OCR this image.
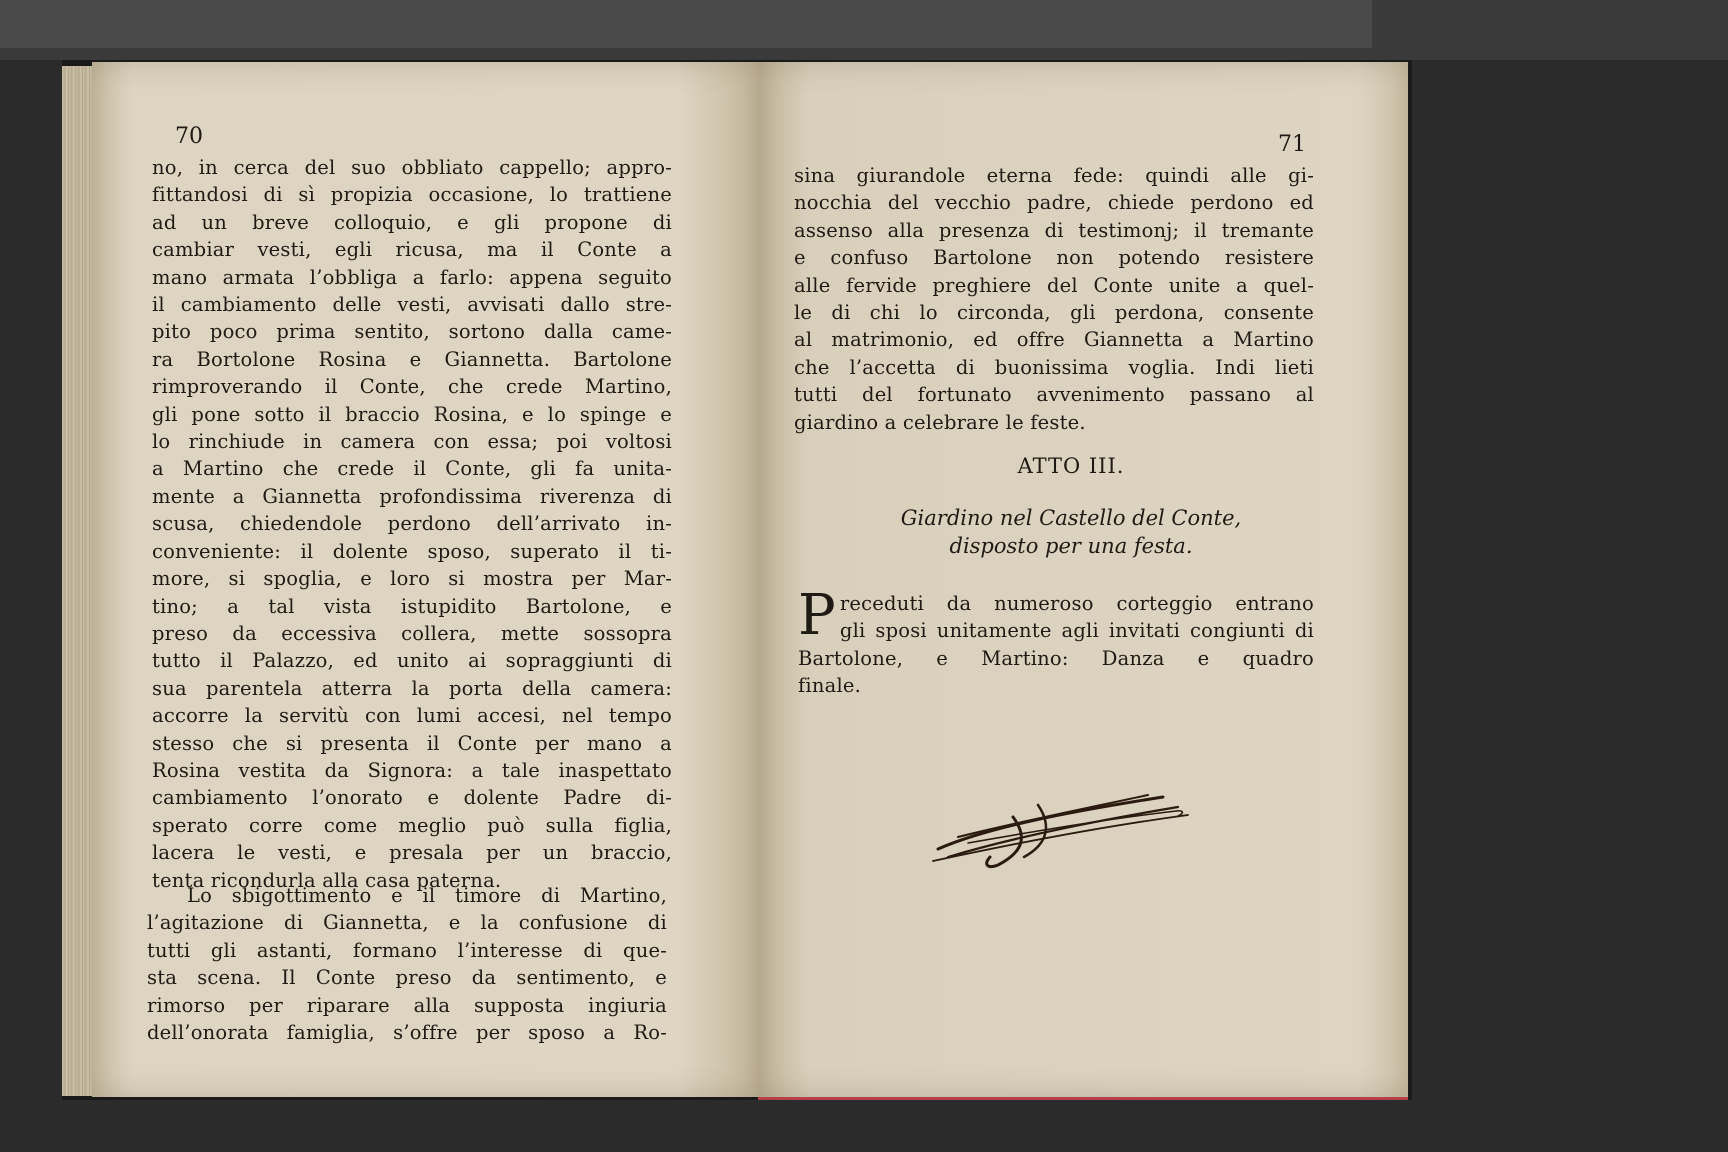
70
no, in cerca del suo obbliato cappello; appro-
fittandosi di sì propizia occasione, lo trattiene
ad un breve colloquio, e gli propone di
cambiar vesti, egli ricusa, ma il Conte a
mano armata l’obbliga a farlo: appena seguito
il cambiamento delle vesti, avvisati dallo stre-
pito poco prima sentito, sortono dalla came-
ra Bortolone Rosina e Giannetta. Bartolone
rimproverando il Conte, che crede Martino,
gli pone sotto il braccio Rosina, e lo spinge e
lo rinchiude in camera con essa; poi voltosi
a Martino che crede il Conte, gli fa unita-
mente a Giannetta profondissima riverenza di
scusa, chiedendole perdono dell’arrivato in-
conveniente: il dolente sposo, superato il ti-
more, si spoglia, e loro si mostra per Mar-
tino; a tal vista istupidito Bartolone, e
preso da eccessiva collera, mette sossopra
tutto il Palazzo, ed unito ai sopraggiunti di
sua parentela atterra la porta della camera:
accorre la servitù con lumi accesi, nel tempo
stesso che si presenta il Conte per mano a
Rosina vestita da Signora: a tale inaspettato
cambiamento l’onorato e dolente Padre di-
sperato corre come meglio può sulla figlia,
lacera le vesti, e presala per un braccio,
tenta ricondurla alla casa paterna.
Lo sbigottimento e il timore di Martino,
l’agitazione di Giannetta, e la confusione di
tutti gli astanti, formano l’interesse di que-
sta scena. Il Conte preso da sentimento, e
rimorso per riparare alla supposta ingiuria
dell’onorata famiglia, s’offre per sposo a Ro-
71
sina giurandole eterna fede: quindi alle gi-
nocchia del vecchio padre, chiede perdono ed
assenso alla presenza di testimonj; il tremante
e confuso Bartolone non potendo resistere
alle fervide preghiere del Conte unite a quel-
le di chi lo circonda, gli perdona, consente
al matrimonio, ed offre Giannetta a Martino
che l’accetta di buonissima voglia. Indi lieti
tutti del fortunato avvenimento passano al
giardino a celebrare le feste.
ATTO III.
Giardino nel Castello del Conte,
disposto per una festa.
P receduti da numeroso corteggio entrano
gli sposi unitamente agli invitati congiunti di
Bartolone, e Martino: Danza e quadro
finale.
